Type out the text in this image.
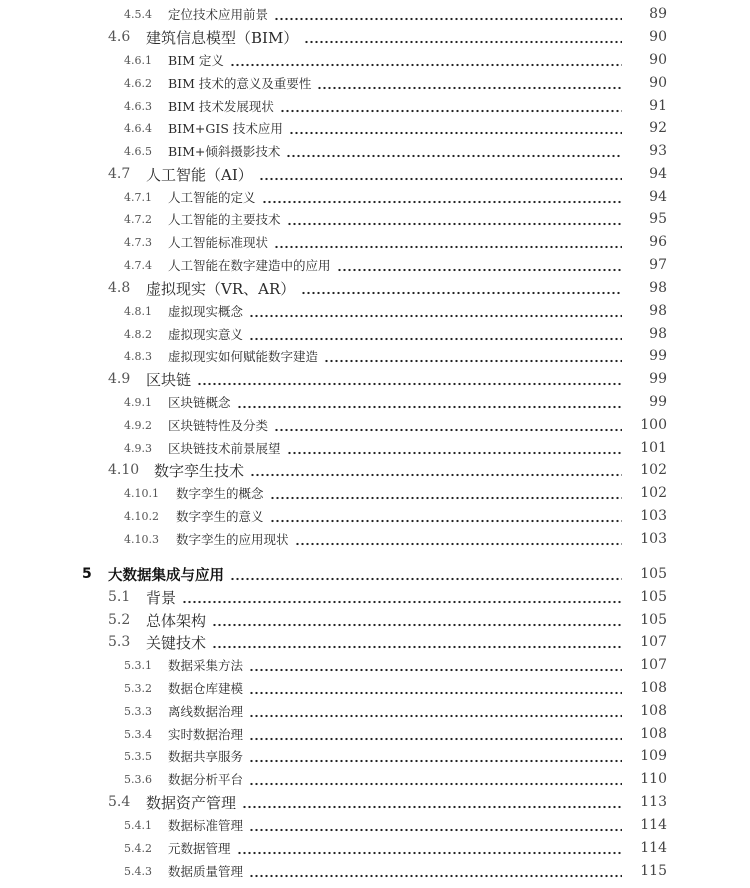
4.5.4	定位技术应用前景	89
4.6	建筑信息模型（BIM）	90
4.6.1	BIM 定义	90
4.6.2	BIM 技术的意义及重要性	90
4.6.3	BIM 技术发展现状	91
4.6.4	BIM+GIS 技术应用	92
4.6.5	BIM+倾斜摄影技术	93
4.7	人工智能（AI）	94
4.7.1	人工智能的定义	94
4.7.2	人工智能的主要技术	95
4.7.3	人工智能标准现状	96
4.7.4	人工智能在数字建造中的应用	97
4.8	虚拟现实（VR、AR）	98
4.8.1	虚拟现实概念	98
4.8.2	虚拟现实意义	98
4.8.3	虚拟现实如何赋能数字建造	99
4.9	区块链	99
4.9.1	区块链概念	99
4.9.2	区块链特性及分类	100
4.9.3	区块链技术前景展望	101
4.10 数字孪生技术	102
4.10.1	数字孪生的概念	102
4.10.2	数字孪生的意义	103
4.10.3	数字孪生的应用现状	103
5	大数据集成与应用	105
5.1	背景	105
5.2	总体架构	105
5.3	关键技术	107
5.3.1	数据采集方法	107
5.3.2	数据仓库建模	108
5.3.3	离线数据治理	108
5.3.4	实时数据治理	108
5.3.5	数据共享服务	109
5.3.6	数据分析平台	110
5.4	数据资产管理	113
5.4.1	数据标准管理	114
5.4.2	元数据管理	114
5.4.3	数据质量管理	115
